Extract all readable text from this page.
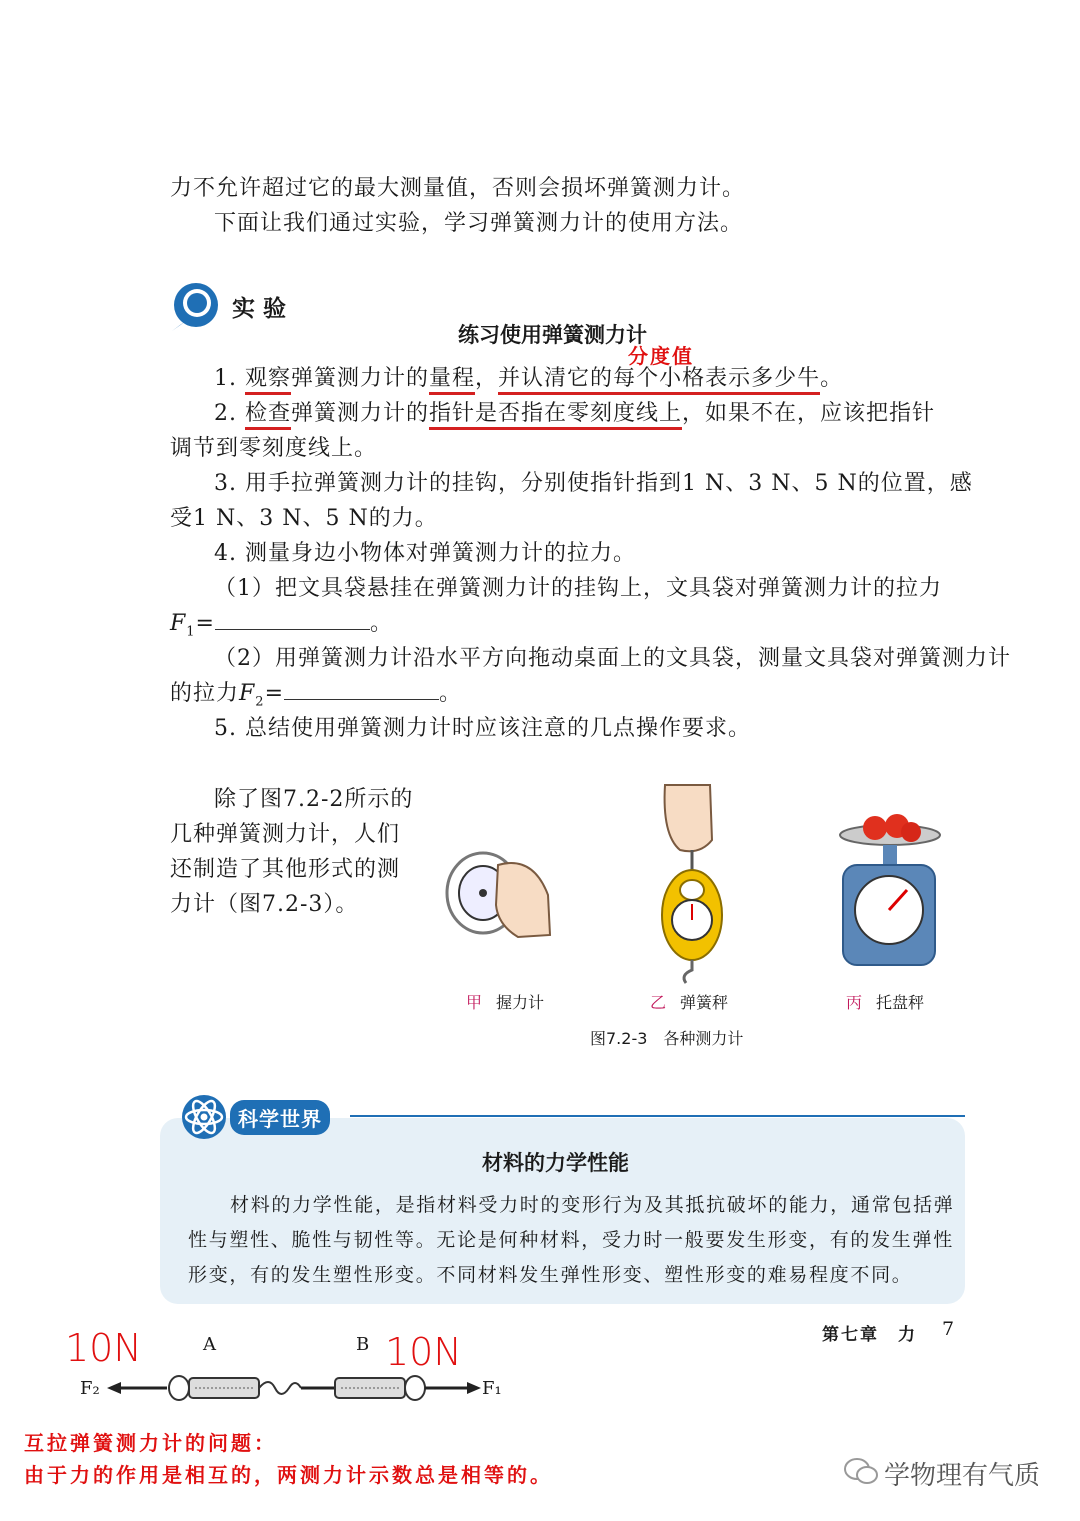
力不允许超过它的最大测量值，否则会损坏弹簧测力计。
下面让我们通过实验，学习弹簧测力计的使用方法。
实 验
练习使用弹簧测力计
分度值
1. 观察弹簧测力计的量程，并认清它的每个小格表示多少牛。
2. 检查弹簧测力计的指针是否指在零刻度线上，如果不在，应该把指针
调节到零刻度线上。
3. 用手拉弹簧测力计的挂钩，分别使指针指到1 N、3 N、5 N的位置，感
受1 N、3 N、5 N的力。
4. 测量身边小物体对弹簧测力计的拉力。
（1）把文具袋悬挂在弹簧测力计的挂钩上，文具袋对弹簧测力计的拉力
$F_1=$	。
（2）用弹簧测力计沿水平方向拖动桌面上的文具袋，测量文具袋对弹簧测力计
的拉力$F_2=$	。
5. 总结使用弹簧测力计时应该注意的几点操作要求。
除了图7.2-2所示的
几种弹簧测力计，人们
还制造了其他形式的测
力计（图7.2-3）。
甲 握力计	乙 弹簧秤	丙 托盘秤
图7.2-3　各种测力计
科学世界
材料的力学性能
材料的力学性能，是指材料受力时的变形行为及其抵抗破坏的能力，通常包括弹
性与塑性、脆性与韧性等。无论是何种材料，受力时一般要发生形变，有的发生弹性
形变，有的发生塑性形变。不同材料发生弹性形变、塑性形变的难易程度不同。
第七章　力 7
10N	10N
A	B
F₂	F₁
互拉弹簧测力计的问题：
由于力的作用是相互的，两测力计示数总是相等的。	学物理有气质
